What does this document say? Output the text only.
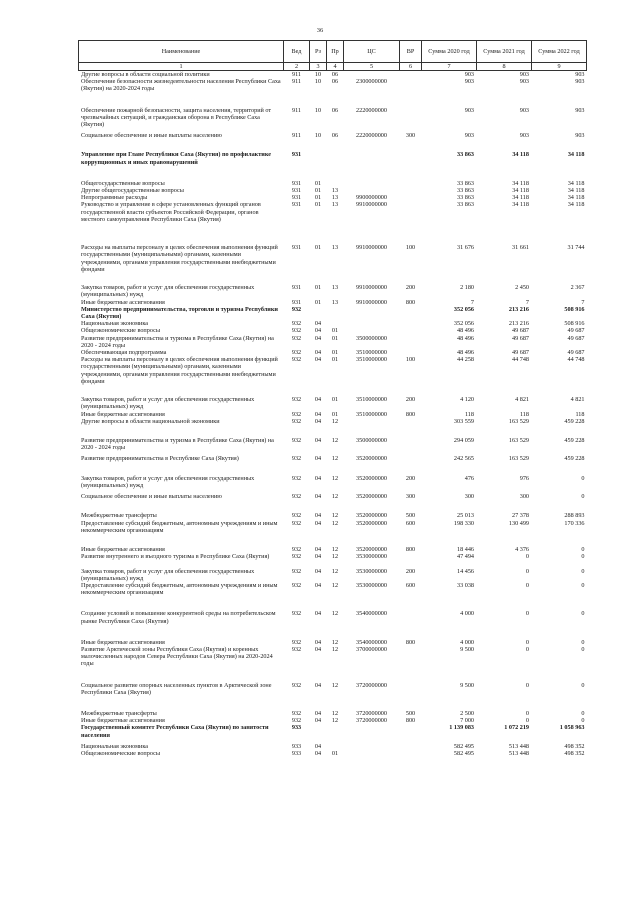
36
Наименование	Вед	Рз	Пр	ЦС	ВР	Сумма 2020 год	Сумма 2021 год	Сумма 2022 год
1	2	3	4	5	6	7	8	9
Другие вопросы в области социальной политики	911	10	06			903	903	903
Обеспечение безопасности жизнедеятельности населения Республики Саха (Якутия) на 2020-2024 годы	911	10	06	2300000000		903	903	903
Обеспечение пожарной безопасности, защита населения, территорий от чрезвычайных ситуаций, и гражданская оборона в Республике Саха (Якутия)	911	10	06	2220000000		903	903	903
Социальное обеспечение и иные выплаты населению	911	10	06	2220000000	300	903	903	903
Управление при Главе Республики Саха (Якутия) по профилактике коррупционных и иных правонарушений	931					33 863	34 118	34 118
Общегосударственные вопросы	931	01				33 863	34 118	34 118
Другие общегосударственные вопросы	931	01	13			33 863	34 118	34 118
Непрограммные расходы	931	01	13	9900000000		33 863	34 118	34 118
Руководство и управление в сфере установленных функций органов государственной власти субъектов Российской Федерации, органов местного самоуправления Республики Саха (Якутия)	931	01	13	9910000000		33 863	34 118	34 118
Расходы на выплаты персоналу в целях обеспечения выполнения функций государственными (муниципальными) органами, казенными учреждениями, органами управления государственными внебюджетными фондами	931	01	13	9910000000	100	31 676	31 661	31 744
Закупка товаров, работ и услуг для обеспечения государственных (муниципальных) нужд	931	01	13	9910000000	200	2 180	2 450	2 367
Иные бюджетные ассигнования	931	01	13	9910000000	800	7	7	7
Министерство предпринимательства, торговли и туризма Республики Саха (Якутия)	932					352 056	213 216	508 916
Национальная экономика	932	04				352 056	213 216	508 916
Общеэкономические вопросы	932	04	01			48 496	49 687	49 687
Развитие предпринимательства и туризма в Республике Саха (Якутия) на 2020 - 2024 годы	932	04	01	3500000000		48 496	49 687	49 687
Обеспечивающая подпрограмма	932	04	01	3510000000		48 496	49 687	49 687
Расходы на выплаты персоналу в целях обеспечения выполнения функций государственными (муниципальными) органами, казенными учреждениями, органами управления государственными внебюджетными фондами	932	04	01	3510000000	100	44 258	44 748	44 748
Закупка товаров, работ и услуг для обеспечения государственных (муниципальных) нужд	932	04	01	3510000000	200	4 120	4 821	4 821
Иные бюджетные ассигнования	932	04	01	3510000000	800	118	118	118
Другие вопросы в области национальной экономики	932	04	12			303 559	163 529	459 228
Развитие предпринимательства и туризма в Республике Саха (Якутия) на 2020 - 2024 годы	932	04	12	3500000000		294 059	163 529	459 228
Развитие предпринимательства в Республике Саха (Якутия)	932	04	12	3520000000		242 565	163 529	459 228
Закупка товаров, работ и услуг для обеспечения государственных (муниципальных) нужд	932	04	12	3520000000	200	476	976	0
Социальное обеспечение и иные выплаты населению	932	04	12	3520000000	300	300	300	0
Межбюджетные трансферты	932	04	12	3520000000	500	25 013	27 378	288 893
Предоставление субсидий бюджетным, автономным учреждениям и иным некоммерческим организациям	932	04	12	3520000000	600	198 330	130 499	170 336
Иные бюджетные ассигнования	932	04	12	3520000000	800	18 446	4 376	0
Развитие внутреннего и въездного туризма в Республике Саха (Якутия)	932	04	12	3530000000		47 494	0	0
Закупка товаров, работ и услуг для обеспечения государственных (муниципальных) нужд	932	04	12	3530000000	200	14 456	0	0
Предоставление субсидий бюджетным, автономным учреждениям и иным некоммерческим организациям	932	04	12	3530000000	600	33 038	0	0
Создание условий и повышение конкурентной среды на потребительском рынке Республики Саха (Якутия)	932	04	12	3540000000		4 000	0	0
Иные бюджетные ассигнования	932	04	12	3540000000	800	4 000	0	0
Развитие Арктической зоны Республики Саха (Якутия) и коренных малочисленных народов Севера Республики Саха (Якутия) на 2020-2024 годы	932	04	12	3700000000		9 500	0	0
Социальное развитие опорных населенных пунктов в Арктической зоне Республики Саха (Якутия)	932	04	12	3720000000		9 500	0	0
Межбюджетные трансферты	932	04	12	3720000000	500	2 500	0	0
Иные бюджетные ассигнования	932	04	12	3720000000	800	7 000	0	0
Государственный комитет Республики Саха (Якутия) по занятости населения	933					1 139 083	1 072 219	1 058 963
Национальная экономика	933	04				582 495	513 448	498 352
Общеэкономические вопросы	933	04	01			582 495	513 448	498 352
